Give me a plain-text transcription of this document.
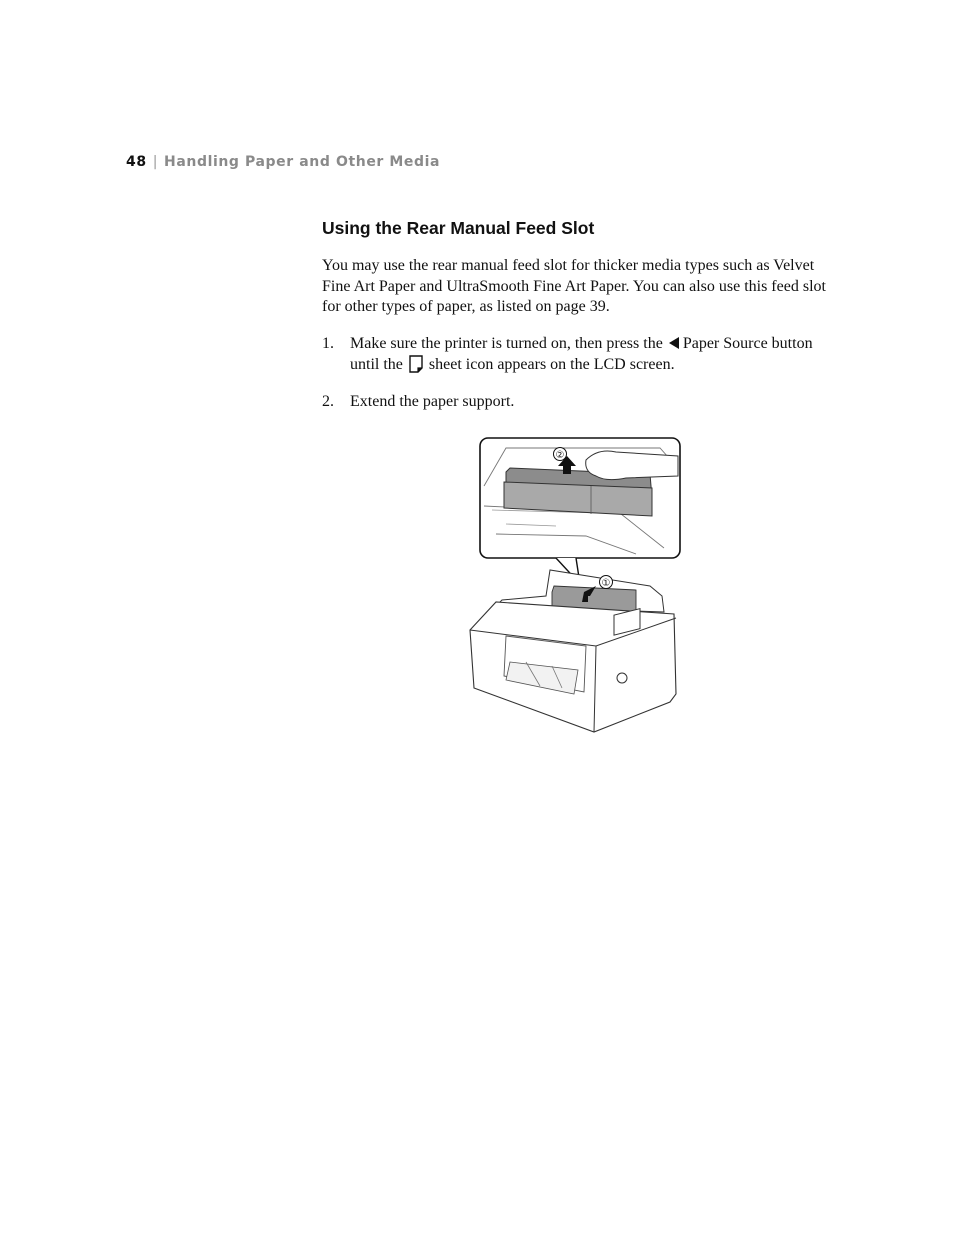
48 | Handling Paper and Other Media
Using the Rear Manual Feed Slot
You may use the rear manual feed slot for thicker media types such as Velvet Fine Art Paper and UltraSmooth Fine Art Paper. You can also use this feed slot for other types of paper, as listed on page 39.
1. Make sure the printer is turned on, then press the Paper Source button until the sheet icon appears on the LCD screen.
2. Extend the paper support.
②
①
